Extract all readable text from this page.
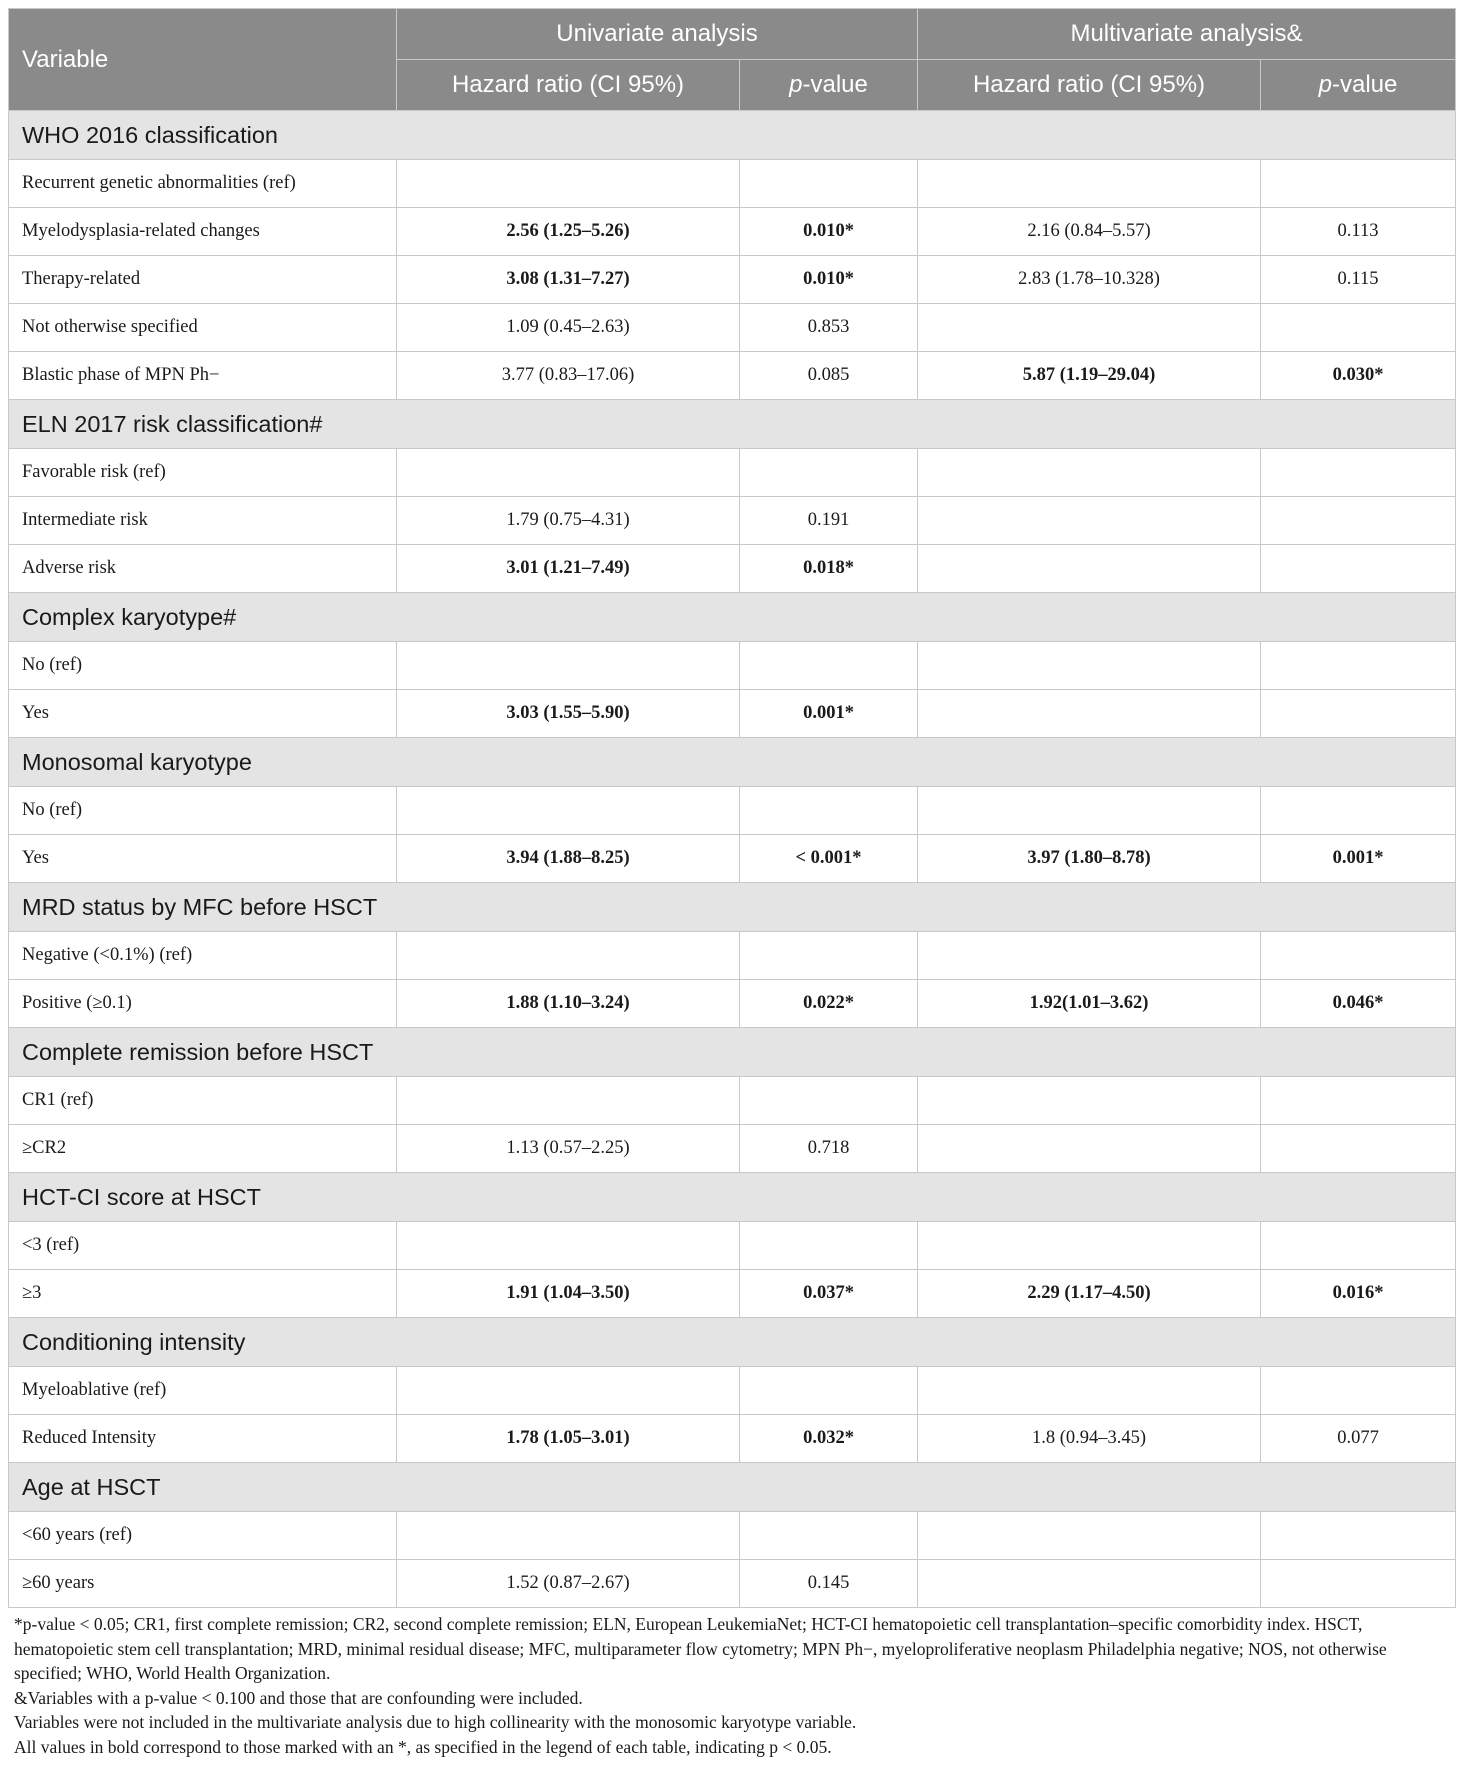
Variable	Univariate analysis		Multivariate analysis&	
	Hazard ratio (CI 95%)	p-value	Hazard ratio (CI 95%)	p-value
WHO 2016 classification				
Recurrent genetic abnormalities (ref)				
Myelodysplasia-related changes	2.56 (1.25–5.26)	0.010*	2.16 (0.84–5.57)	0.113
Therapy-related	3.08 (1.31–7.27)	0.010*	2.83 (1.78–10.328)	0.115
Not otherwise specified	1.09 (0.45–2.63)	0.853		
Blastic phase of MPN Ph−	3.77 (0.83–17.06)	0.085	5.87 (1.19–29.04)	0.030*
ELN 2017 risk classification#				
Favorable risk (ref)				
Intermediate risk	1.79 (0.75–4.31)	0.191		
Adverse risk	3.01 (1.21–7.49)	0.018*		
Complex karyotype#				
No (ref)				
Yes	3.03 (1.55–5.90)	0.001*		
Monosomal karyotype				
No (ref)				
Yes	3.94 (1.88–8.25)	< 0.001*	3.97 (1.80–8.78)	0.001*
MRD status by MFC before HSCT				
Negative (<0.1%) (ref)				
Positive (≥0.1)	1.88 (1.10–3.24)	0.022*	1.92(1.01–3.62)	0.046*
Complete remission before HSCT				
CR1 (ref)				
≥CR2	1.13 (0.57–2.25)	0.718		
HCT-CI score at HSCT				
<3 (ref)				
≥3	1.91 (1.04–3.50)	0.037*	2.29 (1.17–4.50)	0.016*
Conditioning intensity				
Myeloablative (ref)				
Reduced Intensity	1.78 (1.05–3.01)	0.032*	1.8 (0.94–3.45)	0.077
Age at HSCT				
<60 years (ref)				
≥60 years	1.52 (0.87–2.67)	0.145		

*p-value < 0.05; CR1, first complete remission; CR2, second complete remission; ELN, European LeukemiaNet; HCT-CI hematopoietic cell transplantation–specific comorbidity index. HSCT, hematopoietic stem cell transplantation; MRD, minimal residual disease; MFC, multiparameter flow cytometry; MPN Ph−, myeloproliferative neoplasm Philadelphia negative; NOS, not otherwise specified; WHO, World Health Organization.

&Variables with a p-value < 0.100 and those that are confounding were included.

Variables were not included in the multivariate analysis due to high collinearity with the monosomic karyotype variable.

All values in bold correspond to those marked with an *, as specified in the legend of each table, indicating p < 0.05.
